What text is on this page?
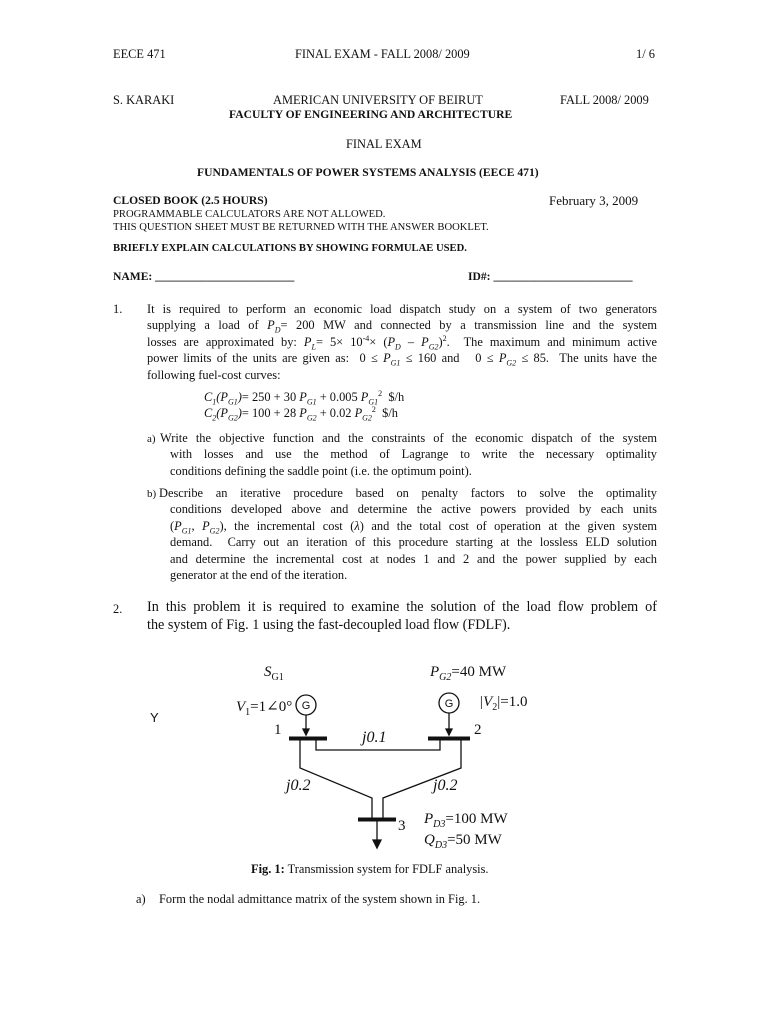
EECE 471	FINAL EXAM - FALL 2008/ 2009	1/ 6
S. KARAKI	AMERICAN UNIVERSITY OF BEIRUT	FALL 2008/ 2009
FACULTY OF ENGINEERING AND ARCHITECTURE
FINAL EXAM
FUNDAMENTALS OF POWER SYSTEMS ANALYSIS (EECE 471)
CLOSED BOOK (2.5 HOURS)	February 3, 2009
PROGRAMMABLE CALCULATORS ARE NOT ALLOWED.
THIS QUESTION SHEET MUST BE RETURNED WITH THE ANSWER BOOKLET.
BRIEFLY EXPLAIN CALCULATIONS BY SHOWING FORMULAE USED.
NAME: ________________________	ID#: ________________________
1. It is required to perform an economic load dispatch study on a system of two generators
supplying a load of $P_D= 200$ MW and connected by a transmission line and the system
losses are approximated by: $P_L= 5\times 10^{-4}\times (P_D - P_{G2})^2$.  The maximum and minimum active
power limits of the units are given as:  $0 \le P_{G1} \le 160$ and   $0 \le P_{G2} \le 85$.  The units have the
following fuel-cost curves:
$C_1(P_{G1})= 250 + 30$ $P_{G1} + 0.005$ $P_{G1}^2$  $/h
$C_2(P_{G2})= 100 + 28$ $P_{G2} + 0.02$ $P_{G2}^2$  $/h
a) Write the objective function and the constraints of the economic dispatch of the system
with losses and use the method of Lagrange to write the necessary optimality
conditions defining the saddle point (i.e. the optimum point).
b) Describe an iterative procedure based on penalty factors to solve the optimality
conditions developed above and determine the active powers provided by each units
($P_{G1}$, $P_{G2}$), the incremental cost (λ) and the total cost of operation at the given system
demand.  Carry out an iteration of this procedure starting at the lossless ELD solution
and determine the incremental cost at nodes 1 and 2 and the power supplied by each
generator at the end of the iteration.
2. In this problem it is required to examine the solution of the load flow problem of
the system of Fig. 1 using the fast-decoupled load flow (FDLF).
G	G
$S_{G1}$	$P_{G2}=40$ MW
$V_1=1\angle 0^\circ$	$|V_2|=1.0$
Y
1	2
j0.1
j0.2	j0.2
3 $P_{D3}=100$ MW
$Q_{D3}=50$ MW
Fig. 1: Transmission system for FDLF analysis.
a) Form the nodal admittance matrix of the system shown in Fig. 1.
